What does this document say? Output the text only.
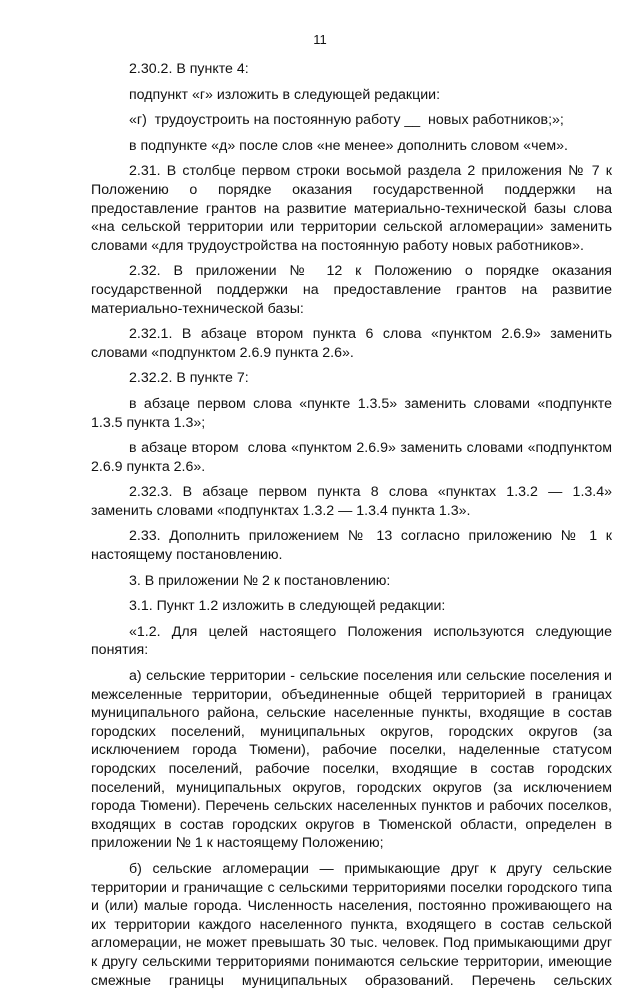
11

2.30.2. В пункте 4:

подпункт «г» изложить в следующей редакции:

«г)  трудоустроить на постоянную работу __  новых работников;»;

в подпункте «д» после слов «не менее» дополнить словом «чем».

2.31. В столбце первом строки восьмой раздела 2 приложения № 7 к Положению о порядке оказания государственной поддержки на предоставление грантов на развитие материально-технической базы слова «на сельской территории или территории сельской агломерации» заменить словами «для трудоустройства на постоянную работу новых работников».

2.32. В приложении № 12 к Положению о порядке оказания государственной поддержки на предоставление грантов на развитие материально-технической базы:

2.32.1. В абзаце втором пункта 6 слова «пунктом 2.6.9» заменить словами «подпунктом 2.6.9 пункта 2.6».

2.32.2. В пункте 7:

в абзаце первом слова «пункте 1.3.5» заменить словами «подпункте 1.3.5 пункта 1.3»;

в абзаце втором  слова «пунктом 2.6.9» заменить словами «подпунктом 2.6.9 пункта 2.6».

2.32.3. В абзаце первом пункта 8 слова «пунктах 1.3.2 — 1.3.4» заменить словами «подпунктах 1.3.2 — 1.3.4 пункта 1.3».

2.33. Дополнить приложением № 13 согласно приложению № 1 к настоящему постановлению.

3. В приложении № 2 к постановлению:

3.1. Пункт 1.2 изложить в следующей редакции:

«1.2. Для целей настоящего Положения используются следующие понятия:

а) сельские территории - сельские поселения или сельские поселения и межселенные территории, объединенные общей территорией в границах муниципального района, сельские населенные пункты, входящие в состав городских поселений, муниципальных округов, городских округов (за исключением города Тюмени), рабочие поселки, наделенные статусом городских поселений, рабочие поселки, входящие в состав городских поселений, муниципальных округов, городских округов (за исключением города Тюмени). Перечень сельских населенных пунктов и рабочих поселков, входящих в состав городских округов в Тюменской области, определен в приложении № 1 к настоящему Положению;

б) сельские агломерации — примыкающие друг к другу сельские территории и граничащие с сельскими территориями поселки городского типа и (или) малые города. Численность населения, постоянно проживающего на их территории каждого населенного пункта, входящего в состав сельской агломерации, не может превышать 30 тыс. человек. Под примыкающими друг к другу сельскими территориями понимаются сельские территории, имеющие смежные границы муниципальных образований. Перечень сельских
